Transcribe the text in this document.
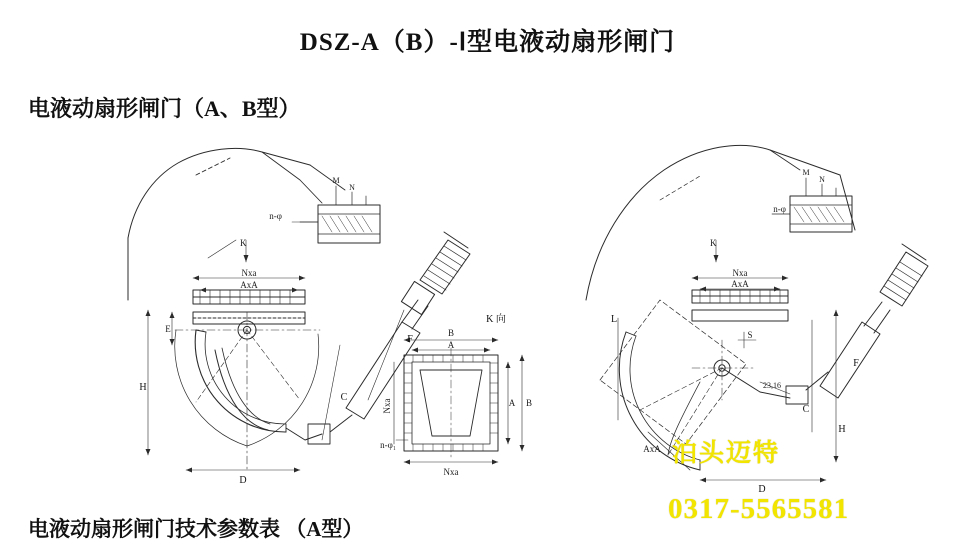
DSZ-A（B）-Ⅰ型电液动扇形闸门
电液动扇形闸门（A、B型）
电液动扇形闸门技术参数表 （A型）
n-φ
K
Nxa
AxA
E
H
C
D
F
M
N
K 向
B
A
A B
Nxa
Nxa
n-φ₁
n-φ
K
Nxa
AxA
L
S
F
C
H
D
AxA
23,16
M
N
泊头迈特
0317-5565581
